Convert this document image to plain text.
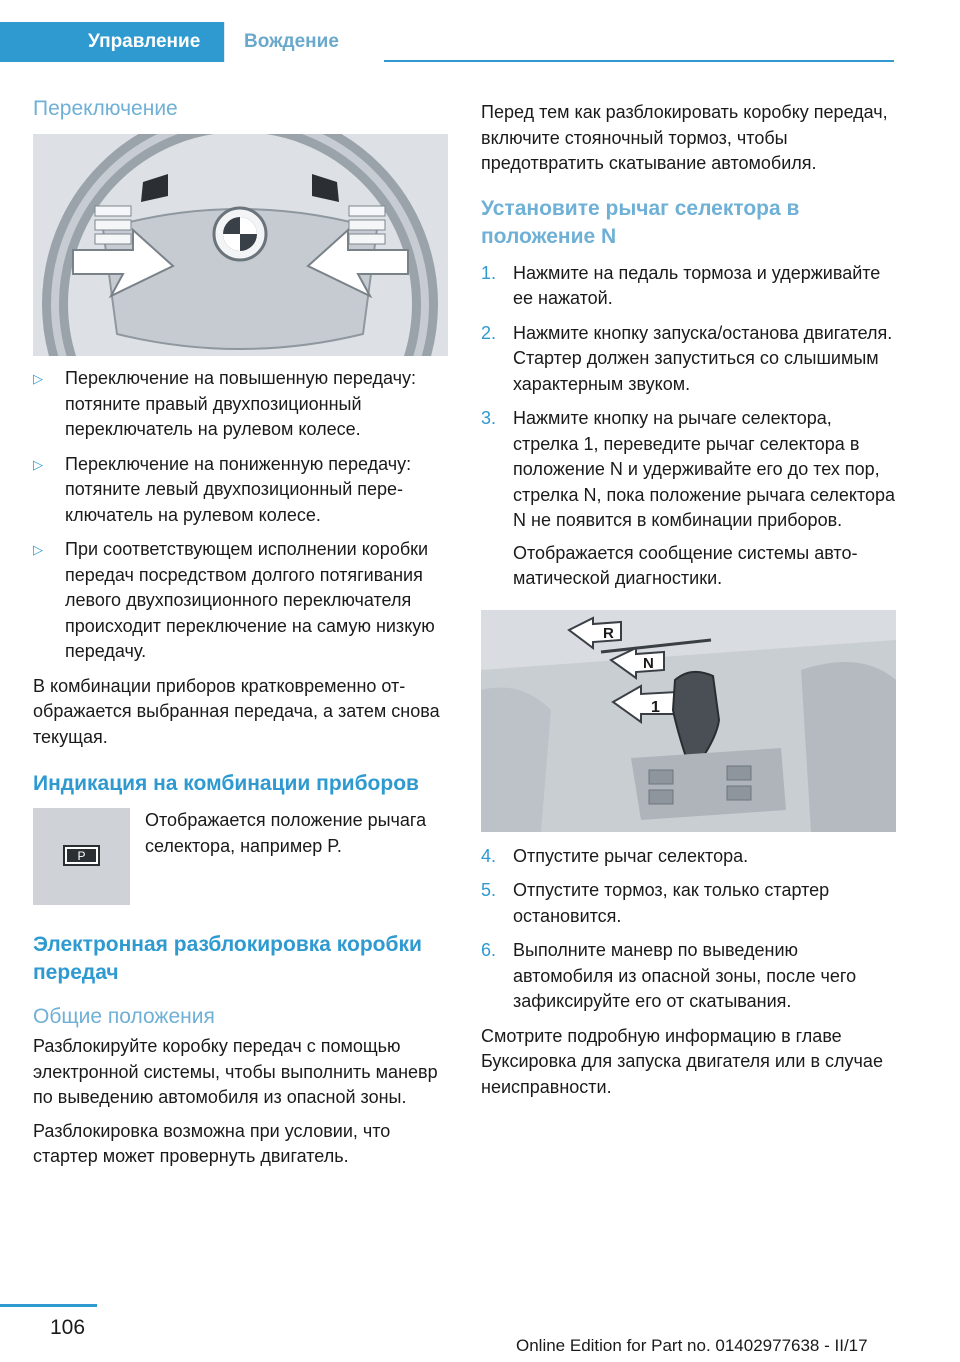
Управление	Вождение
Переключение
▷ Переключение на повышенную передачу: потяните правый двухпозиционный переключатель на рулевом колесе.
▷ Переключение на пониженную передачу: потяните левый двухпозиционный переключатель на рулевом колесе.
▷ При соответствующем исполнении коробки передач посредством долгого потягивания левого двухпозиционного переключателя происходит переключение на самую низкую передачу.

В комбинации приборов кратковременно отображается выбранная передача, а затем снова текущая.

Индикация на комбинации приборов
P

Отображается положение рычага селектора, например P.

Электронная разблокировка коробки передач
Общие положения

Разблокируйте коробку передач с помощью электронной системы, чтобы выполнить маневр по выведению автомобиля из опасной зоны.

Разблокировка возможна при условии, что стартер может провернуть двигатель.

Перед тем как разблокировать коробку передач, включите стояночный тормоз, чтобы предотвратить скатывание автомобиля.

Установите рычаг селектора в положение N
1. Нажмите на педаль тормоза и удерживайте ее нажатой.
2. Нажмите кнопку запуска/останова двигателя. Стартер должен запуститься со слышимым характерным звуком.
3. Нажмите кнопку на рычаге селектора, стрелка 1, переведите рычаг селектора в положение N и удерживайте его до тех пор, стрелка N, пока положение рычага селектора N не появится в комбинации приборов.
Отображается сообщение системы автоматической диагностики.
R
N
1
4. Отпустите рычаг селектора.
5. Отпустите тормоз, как только стартер остановится.
6. Выполните маневр по выведению автомобиля из опасной зоны, после чего зафиксируйте его от скатывания.

Смотрите подробную информацию в главе Буксировка для запуска двигателя или в случае неисправности.

106
Online Edition for Part no. 01402977638 - II/17
